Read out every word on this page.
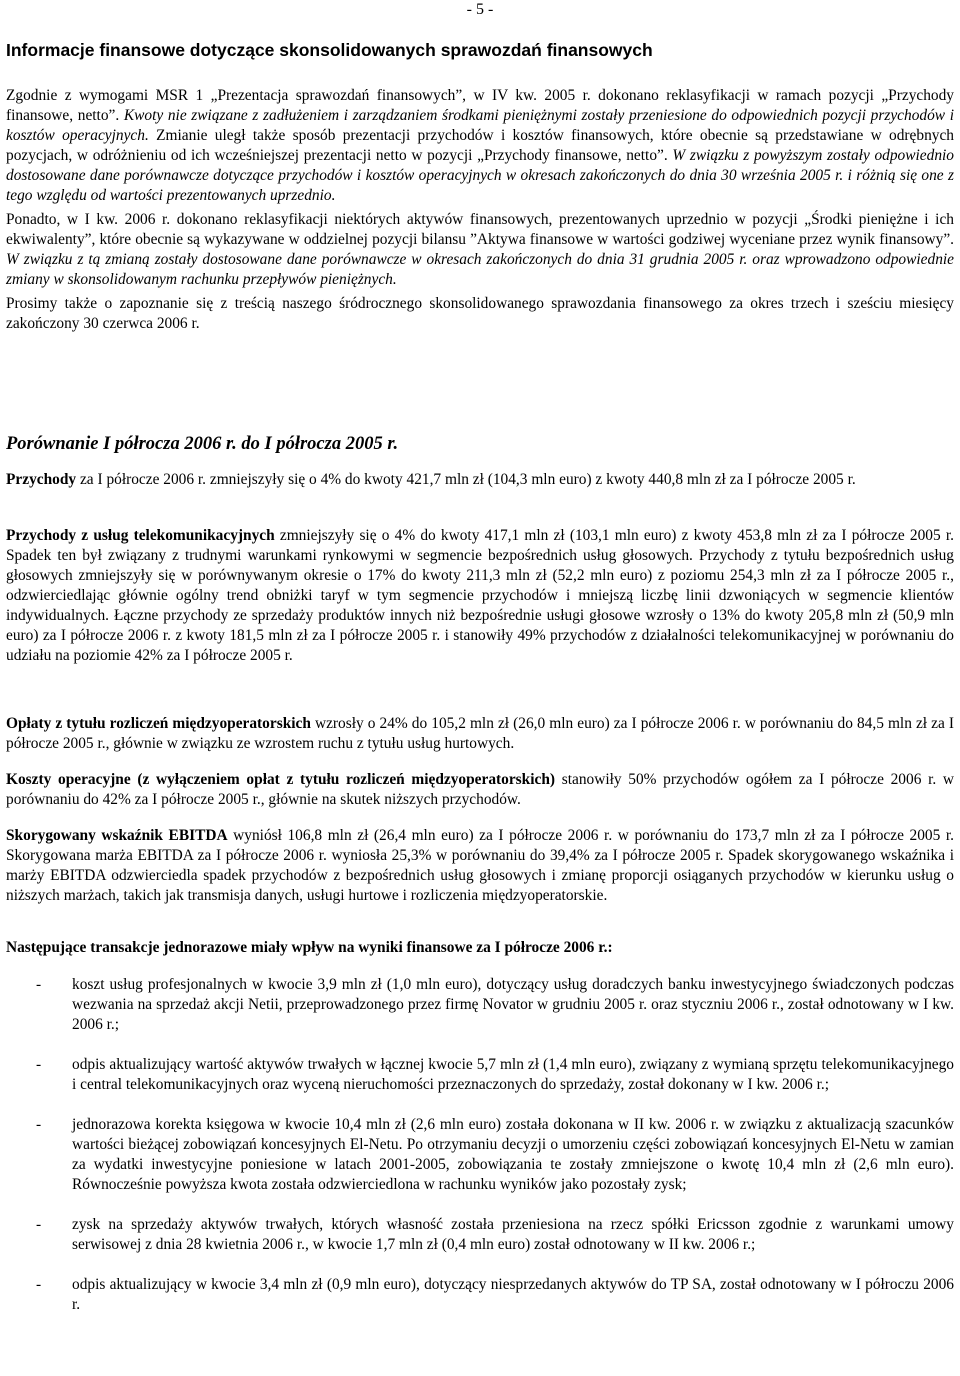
- 5 -
Informacje finansowe dotyczące skonsolidowanych sprawozdań finansowych

Zgodnie z wymogami MSR 1 „Prezentacja sprawozdań finansowych”, w IV kw. 2005 r. dokonano reklasyfikacji w ramach pozycji „Przychody finansowe, netto”. Kwoty nie związane z zadłużeniem i zarządzaniem środkami pieniężnymi zostały przeniesione do odpowiednich pozycji przychodów i kosztów operacyjnych. Zmianie uległ także sposób prezentacji przychodów i kosztów finansowych, które obecnie są przedstawiane w odrębnych pozycjach, w odróżnieniu od ich wcześniejszej prezentacji netto w pozycji „Przychody finansowe, netto”. W związku z powyższym zostały odpowiednio dostosowane dane porównawcze dotyczące przychodów i kosztów operacyjnych w okresach zakończonych do dnia 30 września 2005 r. i różnią się one z tego względu od wartości prezentowanych uprzednio.

Ponadto, w I kw. 2006 r. dokonano reklasyfikacji niektórych aktywów finansowych, prezentowanych uprzednio w pozycji „Środki pieniężne i ich ekwiwalenty”, które obecnie są wykazywane w oddzielnej pozycji bilansu ”Aktywa finansowe w wartości godziwej wyceniane przez wynik finansowy”. W związku z tą zmianą zostały dostosowane dane porównawcze w okresach zakończonych do dnia 31 grudnia 2005 r. oraz wprowadzono odpowiednie zmiany w skonsolidowanym rachunku przepływów pieniężnych.

Prosimy także o zapoznanie się z treścią naszego śródrocznego skonsolidowanego sprawozdania finansowego za okres trzech i sześciu miesięcy zakończony 30 czerwca 2006 r.

Porównanie I półrocza 2006 r. do I półrocza 2005 r.
Przychody za I półrocze 2006 r. zmniejszyły się o 4% do kwoty 421,7 mln zł (104,3 mln euro) z kwoty 440,8 mln zł za I półrocze 2005 r.
Przychody z usług telekomunikacyjnych zmniejszyły się o 4% do kwoty 417,1 mln zł (103,1 mln euro) z kwoty 453,8 mln zł za I półrocze 2005 r. Spadek ten był związany z trudnymi warunkami rynkowymi w segmencie bezpośrednich usług głosowych. Przychody z tytułu bezpośrednich usług głosowych zmniejszyły się w porównywanym okresie o 17% do kwoty 211,3 mln zł (52,2 mln euro) z poziomu 254,3 mln zł za I półrocze 2005 r., odzwierciedlając głównie ogólny trend obniżki taryf w tym segmencie przychodów i mniejszą liczbę linii dzwoniących w segmencie klientów indywidualnych. Łączne przychody ze sprzedaży produktów innych niż bezpośrednie usługi głosowe wzrosły o 13% do kwoty 205,8 mln zł (50,9 mln euro) za I półrocze 2006 r. z kwoty 181,5 mln zł za I półrocze 2005 r. i stanowiły 49% przychodów z działalności telekomunikacyjnej w porównaniu do udziału na poziomie 42% za I półrocze 2005 r.
Opłaty z tytułu rozliczeń międzyoperatorskich wzrosły o 24% do 105,2 mln zł (26,0 mln euro) za I półrocze 2006 r. w porównaniu do 84,5 mln zł za I półrocze 2005 r., głównie w związku ze wzrostem ruchu z tytułu usług hurtowych.
Koszty operacyjne (z wyłączeniem opłat z tytułu rozliczeń międzyoperatorskich) stanowiły 50% przychodów ogółem za I półrocze 2006 r. w porównaniu do 42% za I półrocze 2005 r., głównie na skutek niższych przychodów.
Skorygowany wskaźnik EBITDA wyniósł 106,8 mln zł (26,4 mln euro) za I półrocze 2006 r. w porównaniu do 173,7 mln zł za I półrocze 2005 r. Skorygowana marża EBITDA za I półrocze 2006 r. wyniosła 25,3% w porównaniu do 39,4% za I półrocze 2005 r. Spadek skorygowanego wskaźnika i marży EBITDA odzwierciedla spadek przychodów z bezpośrednich usług głosowych i zmianę proporcji osiąganych przychodów w kierunku usług o niższych marżach, takich jak transmisja danych, usługi hurtowe i rozliczenia międzyoperatorskie.
Następujące transakcje jednorazowe miały wpływ na wyniki finansowe za I półrocze 2006 r.:
- koszt usług profesjonalnych w kwocie 3,9 mln zł (1,0 mln euro), dotyczący usług doradczych banku inwestycyjnego świadczonych podczas wezwania na sprzedaż akcji Netii, przeprowadzonego przez firmę Novator w grudniu 2005 r. oraz styczniu 2006 r., został odnotowany w I kw. 2006 r.;
- odpis aktualizujący wartość aktywów trwałych w łącznej kwocie 5,7 mln zł (1,4 mln euro), związany z wymianą sprzętu telekomunikacyjnego i central telekomunikacyjnych oraz wyceną nieruchomości przeznaczonych do sprzedaży, został dokonany w I kw. 2006 r.;
- jednorazowa korekta księgowa w kwocie 10,4 mln zł (2,6 mln euro) została dokonana w II kw. 2006 r. w związku z aktualizacją szacunków wartości bieżącej zobowiązań koncesyjnych El-Netu. Po otrzymaniu decyzji o umorzeniu części zobowiązań koncesyjnych El-Netu w zamian za wydatki inwestycyjne poniesione w latach 2001-2005, zobowiązania te zostały zmniejszone o kwotę 10,4 mln zł (2,6 mln euro). Równocześnie powyższa kwota została odzwierciedlona w rachunku wyników jako pozostały zysk;
- zysk na sprzedaży aktywów trwałych, których własność została przeniesiona na rzecz spółki Ericsson zgodnie z warunkami umowy serwisowej z dnia 28 kwietnia 2006 r., w kwocie 1,7 mln zł (0,4 mln euro) został odnotowany w II kw. 2006 r.;
- odpis aktualizujący w kwocie 3,4 mln zł (0,9 mln euro), dotyczący niesprzedanych aktywów do TP SA, został odnotowany w I półroczu 2006 r.
